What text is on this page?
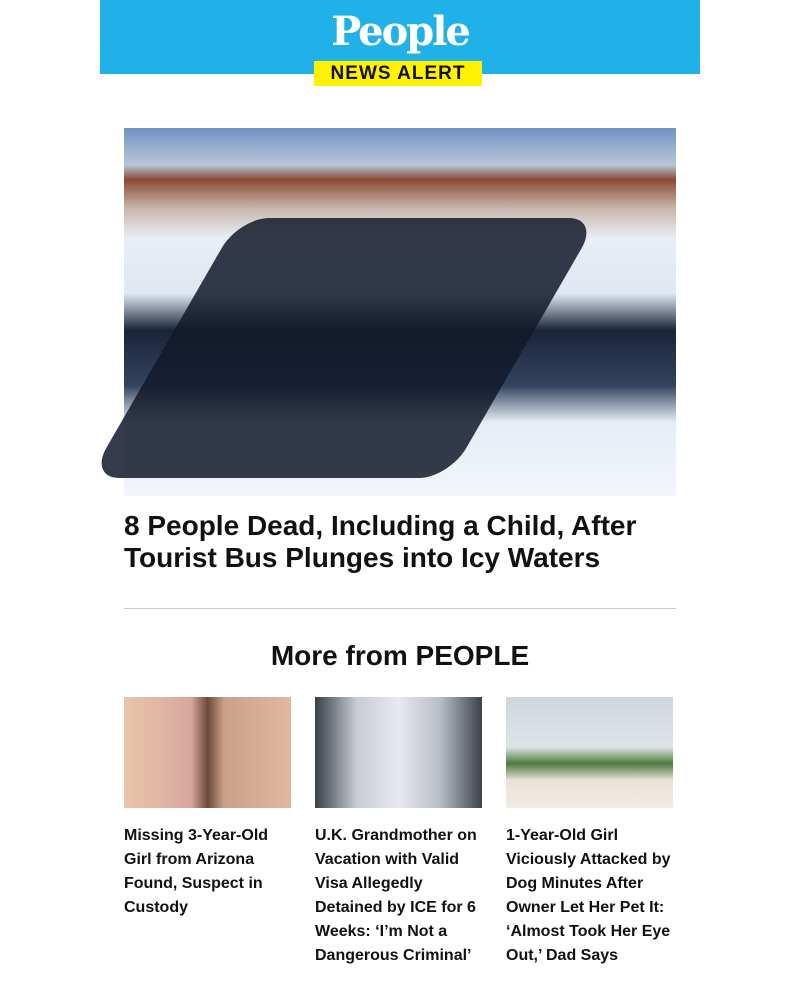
People
NEWS ALERT
8 People Dead, Including a Child, After Tourist Bus Plunges into Icy Waters
More from PEOPLE
Missing 3-Year-Old Girl from Arizona Found, Suspect in Custody
U.K. Grandmother on Vacation with Valid Visa Allegedly Detained by ICE for 6 Weeks: ‘I’m Not a Dangerous Criminal’
1-Year-Old Girl Viciously Attacked by Dog Minutes After Owner Let Her Pet It: ‘Almost Took Her Eye Out,’ Dad Says
